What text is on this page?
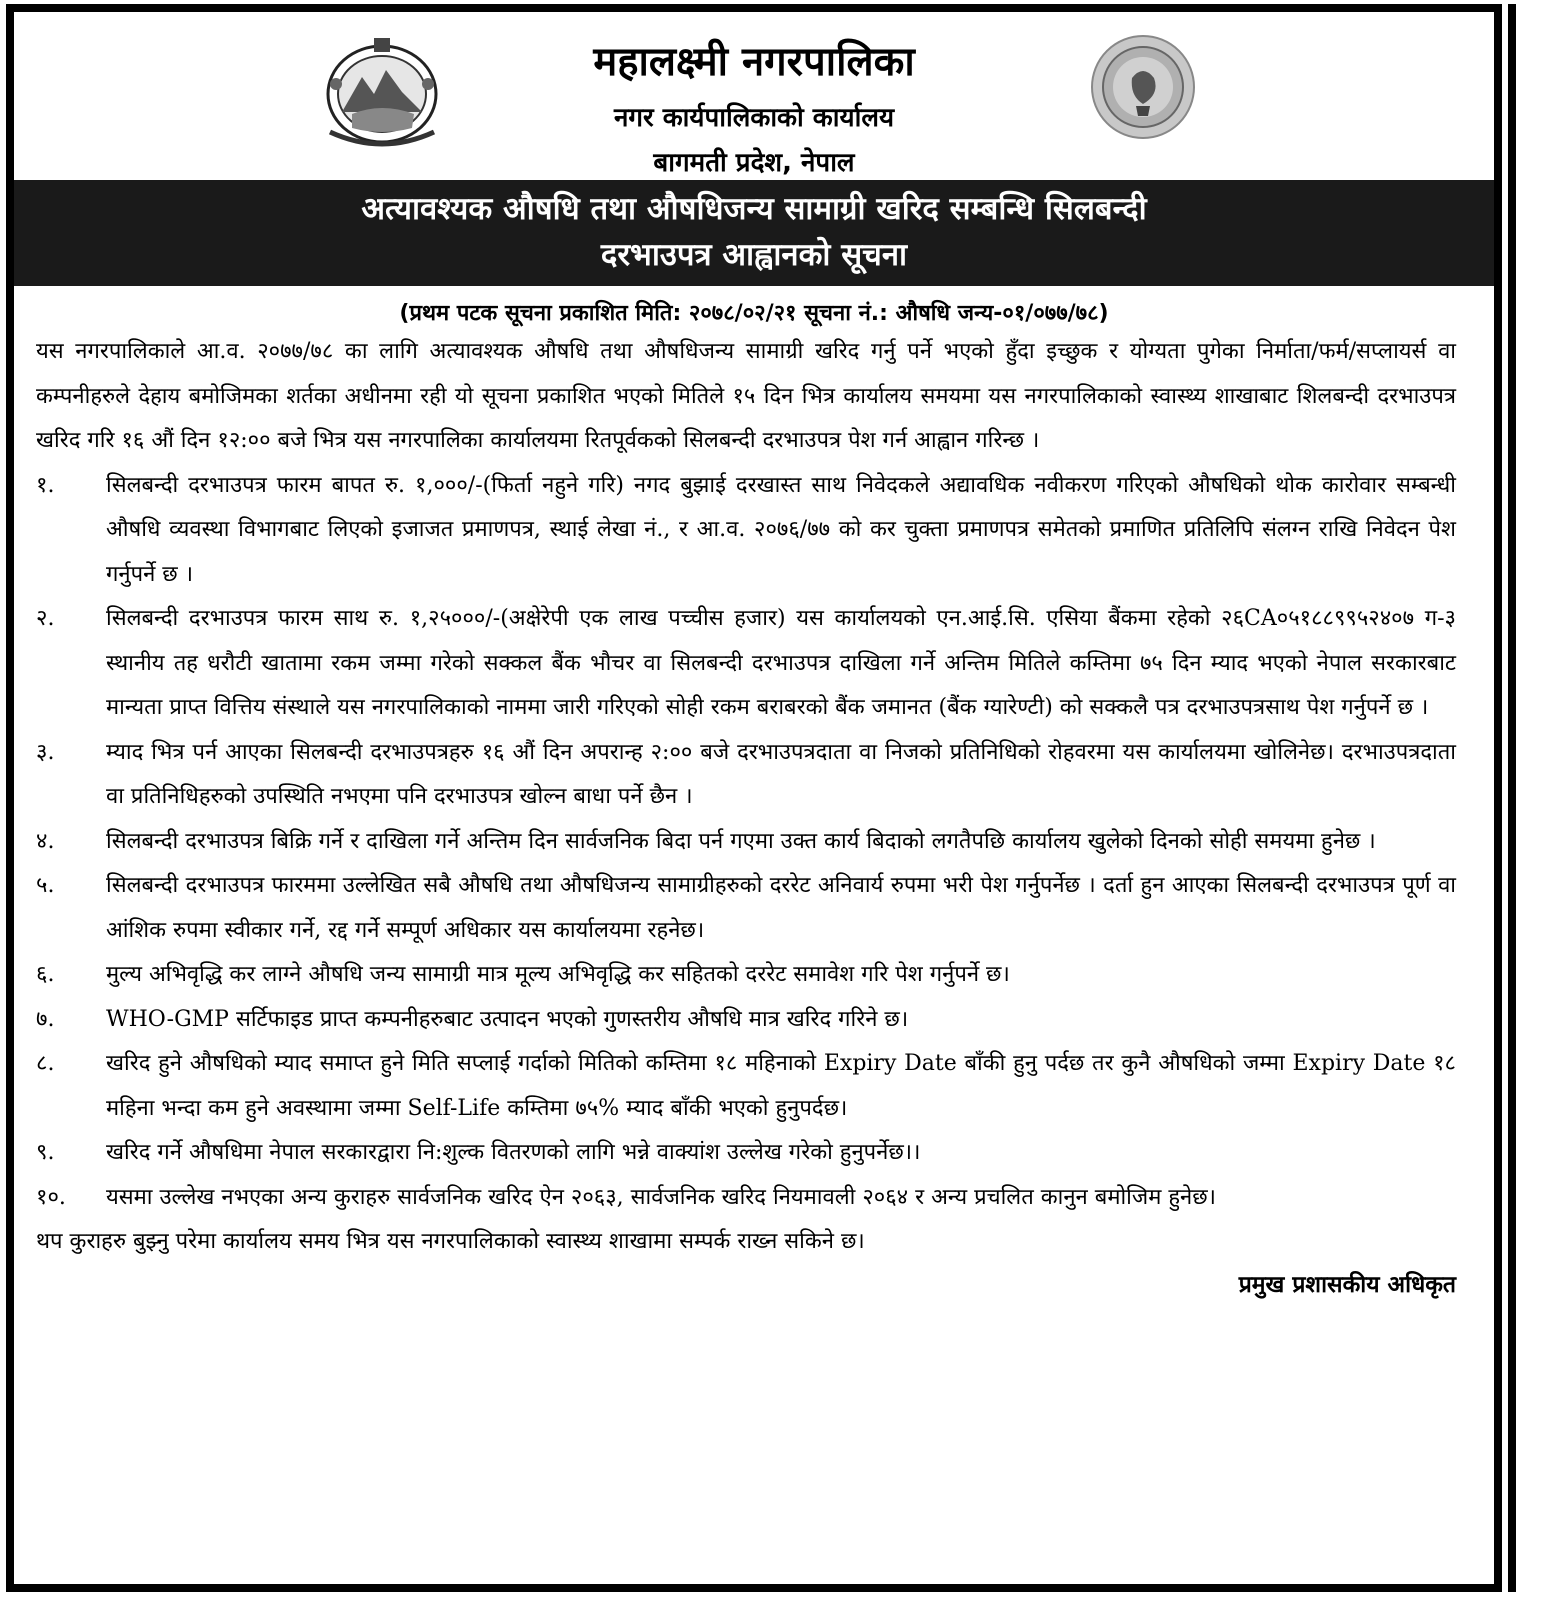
महालक्ष्मी नगरपालिका
नगर कार्यपालिकाको कार्यालय
बागमती प्रदेश, नेपाल
अत्यावश्यक औषधि तथा औषधिजन्य सामाग्री खरिद सम्बन्धि सिलबन्दी
दरभाउपत्र आह्वानको सूचना
(प्रथम पटक सूचना प्रकाशित मिति: २०७८/०२/२१ सूचना नं.: औषधि जन्य-०१/०७७/७८)

यस नगरपालिकाले आ.व. २०७७/७८ का लागि अत्यावश्यक औषधि तथा औषधिजन्य सामाग्री खरिद गर्नु पर्ने भएको हुँदा इच्छुक र योग्यता पुगेका निर्माता/फर्म/सप्लायर्स वा कम्पनीहरुले देहाय बमोजिमका शर्तका अधीनमा रही यो सूचना प्रकाशित भएको मितिले १५ दिन भित्र कार्यालय समयमा यस नगरपालिकाको स्वास्थ्य शाखाबाट शिलबन्दी दरभाउपत्र खरिद गरि १६ औं दिन १२:०० बजे भित्र यस नगरपालिका कार्यालयमा रितपूर्वकको सिलबन्दी दरभाउपत्र पेश गर्न आह्वान गरिन्छ ।

१.	सिलबन्दी दरभाउपत्र फारम बापत रु. १,०००/-(फिर्ता नहुने गरि) नगद बुझाई दरखास्त साथ निवेदकले अद्यावधिक नवीकरण गरिएको औषधिको थोक कारोवार सम्बन्धी औषधि व्यवस्था विभागबाट लिएको इजाजत प्रमाणपत्र, स्थाई लेखा नं., र आ.व. २०७६/७७ को कर चुक्ता प्रमाणपत्र समेतको प्रमाणित प्रतिलिपि संलग्न राखि निवेदन पेश गर्नुपर्ने छ ।
२.	सिलबन्दी दरभाउपत्र फारम साथ रु. १,२५०००/-(अक्षेरेपी एक लाख पच्चीस हजार) यस कार्यालयको एन.आई.सि. एसिया बैंकमा रहेको २६CA०५१८८९९५२४०७ ग-३ स्थानीय तह धरौटी खातामा रकम जम्मा गरेको सक्कल बैंक भौचर वा सिलबन्दी दरभाउपत्र दाखिला गर्ने अन्तिम मितिले कम्तिमा ७५ दिन म्याद भएको नेपाल सरकारबाट मान्यता प्राप्त वित्तिय संस्थाले यस नगरपालिकाको नाममा जारी गरिएको सोही रकम बराबरको बैंक जमानत (बैंक ग्यारेण्टी) को सक्कलै पत्र दरभाउपत्रसाथ पेश गर्नुपर्ने छ ।
३.	म्याद भित्र पर्न आएका सिलबन्दी दरभाउपत्रहरु १६ औं दिन अपरान्ह २:०० बजे दरभाउपत्रदाता वा निजको प्रतिनिधिको रोहवरमा यस कार्यालयमा खोलिनेछ। दरभाउपत्रदाता वा प्रतिनिधिहरुको उपस्थिति नभएमा पनि दरभाउपत्र खोल्न बाधा पर्ने छैन ।
४.	सिलबन्दी दरभाउपत्र बिक्रि गर्ने र दाखिला गर्ने अन्तिम दिन सार्वजनिक बिदा पर्न गएमा उक्त कार्य बिदाको लगतैपछि कार्यालय खुलेको दिनको सोही समयमा हुनेछ ।
५.	सिलबन्दी दरभाउपत्र फारममा उल्लेखित सबै औषधि तथा औषधिजन्य सामाग्रीहरुको दररेट अनिवार्य रुपमा भरी पेश गर्नुपर्नेछ । दर्ता हुन आएका सिलबन्दी दरभाउपत्र पूर्ण वा आंशिक रुपमा स्वीकार गर्ने, रद्द गर्ने सम्पूर्ण अधिकार यस कार्यालयमा रहनेछ।
६.	मुल्य अभिवृद्धि कर लाग्ने औषधि जन्य सामाग्री मात्र मूल्य अभिवृद्धि कर सहितको दररेट समावेश गरि पेश गर्नुपर्ने छ।
७.	WHO-GMP सर्टिफाइड प्राप्त कम्पनीहरुबाट उत्पादन भएको गुणस्तरीय औषधि मात्र खरिद गरिने छ।
८.	खरिद हुने औषधिको म्याद समाप्त हुने मिति सप्लाई गर्दाको मितिको कम्तिमा १८ महिनाको Expiry Date बाँकी हुनु पर्दछ तर कुनै औषधिको जम्मा Expiry Date १८ महिना भन्दा कम हुने अवस्थामा जम्मा Self-Life कम्तिमा ७५% म्याद बाँकी भएको हुनुपर्दछ।
९.	खरिद गर्ने औषधिमा नेपाल सरकारद्वारा नि:शुल्क वितरणको लागि भन्ने वाक्यांश उल्लेख गरेको हुनुपर्नेछ।।
१०.	यसमा उल्लेख नभएका अन्य कुराहरु सार्वजनिक खरिद ऐन २०६३, सार्वजनिक खरिद नियमावली २०६४ र अन्य प्रचलित कानुन बमोजिम हुनेछ।

थप कुराहरु बुझ्नु परेमा कार्यालय समय भित्र यस नगरपालिकाको स्वास्थ्य शाखामा सम्पर्क राख्न सकिने छ।

प्रमुख प्रशासकीय अधिकृत
